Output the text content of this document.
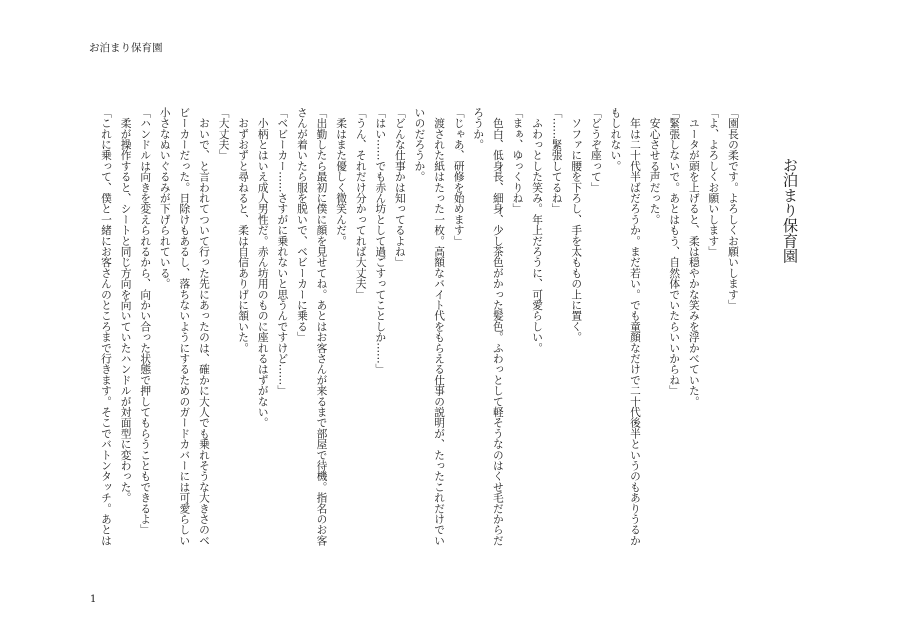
お泊まり保育園
お泊まり保育園
「園長の柔です。よろしくお願いします」
「よ、よろしくお願いします」
　ユータが頭を上げると、柔は穏やかな笑みを浮かべていた。
「緊張しないで。あとはもう、自然体でいたらいいからね」
　安心させる声だった。
　年は二十代半ばだろうか。まだ若い。でも童顔なだけで二十代後半というのもありうるか
もしれない。
「どうぞ座って」
　ソファに腰を下ろし、手を太ももの上に置く。
「……緊張してるね」
　ふわっとした笑み。年上だろうに、可愛らしい。
「まぁ、ゆっくりね」
　色白、低身長、細身、少し茶色がかった髪色。ふわっとして軽そうなのはくせ毛だからだ
ろうか。
「じゃあ、研修を始めます」
　渡された紙はたった一枚。高額なバイト代をもらえる仕事の説明が、たったこれだけでい
いのだろうか。
「どんな仕事かは知ってるよね」
「はい……でも赤ん坊として過ごすってことしか……」
「うん、それだけ分かってれば大丈夫」
　柔はまた優しく微笑んだ。
「出勤したら最初に僕に顔を見せてね。あとはお客さんが来るまで部屋で待機。指名のお客
さんが着いたら服を脱いで、ベビーカーに乗る」
「ベビーカー……さすがに乗れないと思うんですけど……」
　小柄とはいえ成人男性だ。赤ん坊用のものに座れるはずがない。
　おずおずと尋ねると、柔は自信ありげに頷いた。
「大丈夫」
　おいで、と言われてついて行った先にあったのは、確かに大人でも乗れそうな大きさのベ
ビーカーだった。日除けもあるし、落ちないようにするためのガードカバーには可愛らしい
小さなぬいぐるみが下げられている。
「ハンドルは向きを変えられるから、向かい合った状態で押してもらうこともできるよ」
　柔が操作すると、シートと同じ方向を向いていたハンドルが対面型に変わった。
「これに乗って、僕と一緒にお客さんのところまで行きます。そこでバトンタッチ。あとは
1
